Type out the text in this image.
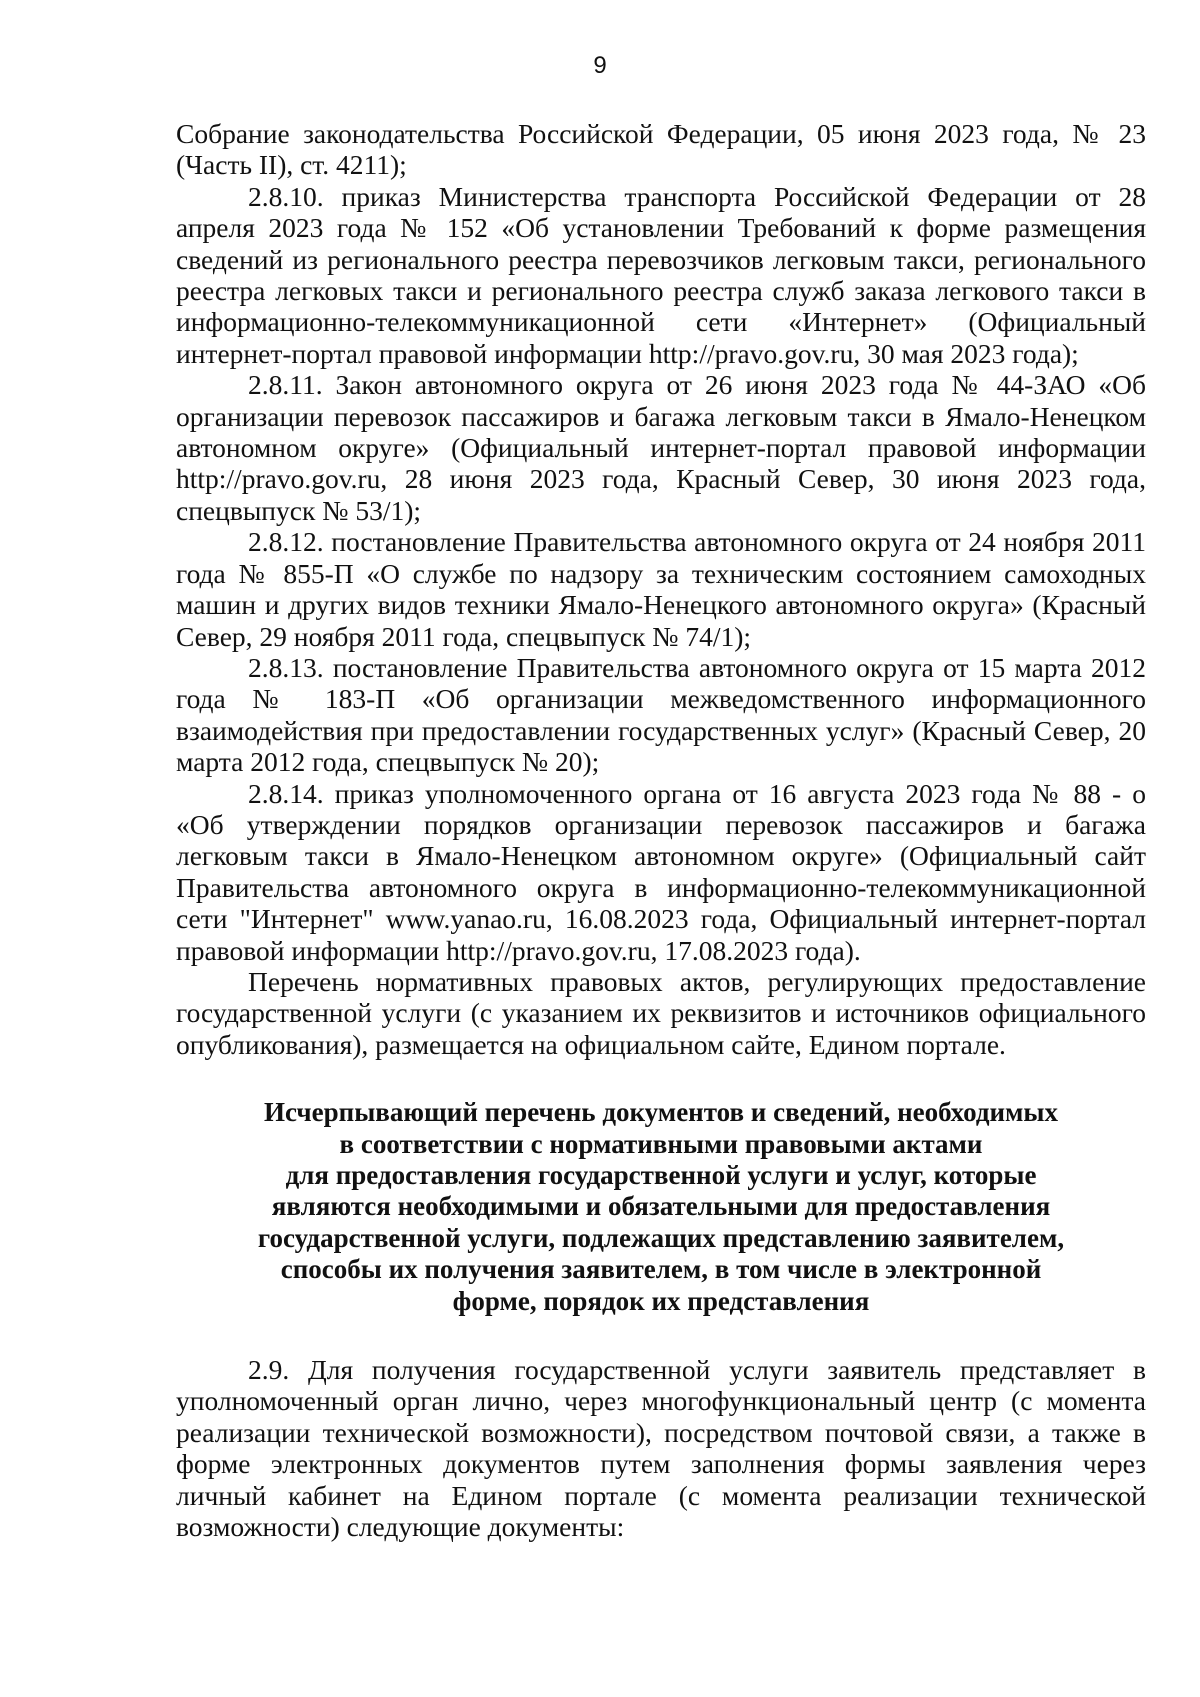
9

Собрание законодательства Российской Федерации, 05 июня 2023 года, № 23 (Часть II), ст. 4211);

2.8.10. приказ Министерства транспорта Российской Федерации от 28 апреля 2023 года № 152 «Об установлении Требований к форме размещения сведений из регионального реестра перевозчиков легковым такси, регионального реестра легковых такси и регионального реестра служб заказа легкового такси в информационно-телекоммуникационной сети «Интернет» (Официальный интернет-портал правовой информации http://pravo.gov.ru, 30 мая 2023 года);

2.8.11. Закон автономного округа от 26 июня 2023 года № 44-ЗАО «Об организации перевозок пассажиров и багажа легковым такси в Ямало-Ненецком автономном округе» (Официальный интернет-портал правовой информации http://pravo.gov.ru, 28 июня 2023 года, Красный Север, 30 июня 2023 года, спецвыпуск № 53/1);

2.8.12. постановление Правительства автономного округа от 24 ноября 2011 года № 855-П «О службе по надзору за техническим состоянием самоходных машин и других видов техники Ямало-Ненецкого автономного округа» (Красный Север, 29 ноября 2011 года, спецвыпуск № 74/1);

2.8.13. постановление Правительства автономного округа от 15 марта 2012 года № 183-П «Об организации межведомственного информационного взаимодействия при предоставлении государственных услуг» (Красный Север, 20 марта 2012 года, спецвыпуск № 20);

2.8.14. приказ уполномоченного органа от 16 августа 2023 года № 88 - о «Об утверждении порядков организации перевозок пассажиров и багажа легковым такси в Ямало-Ненецком автономном округе» (Официальный сайт Правительства автономного округа в информационно-телекоммуникационной сети "Интернет" www.yanao.ru, 16.08.2023 года, Официальный интернет-портал правовой информации http://pravo.gov.ru, 17.08.2023 года).

Перечень нормативных правовых актов, регулирующих предоставление государственной услуги (с указанием их реквизитов и источников официального опубликования), размещается на официальном сайте, Едином портале.

Исчерпывающий перечень документов и сведений, необходимых
в соответствии с нормативными правовыми актами
для предоставления государственной услуги и услуг, которые
являются необходимыми и обязательными для предоставления
государственной услуги, подлежащих представлению заявителем,
способы их получения заявителем, в том числе в электронной
форме, порядок их представления

2.9. Для получения государственной услуги заявитель представляет в уполномоченный орган лично, через многофункциональный центр (с момента реализации технической возможности), посредством почтовой связи, а также в форме электронных документов путем заполнения формы заявления через личный кабинет на Едином портале (с момента реализации технической возможности) следующие документы:
